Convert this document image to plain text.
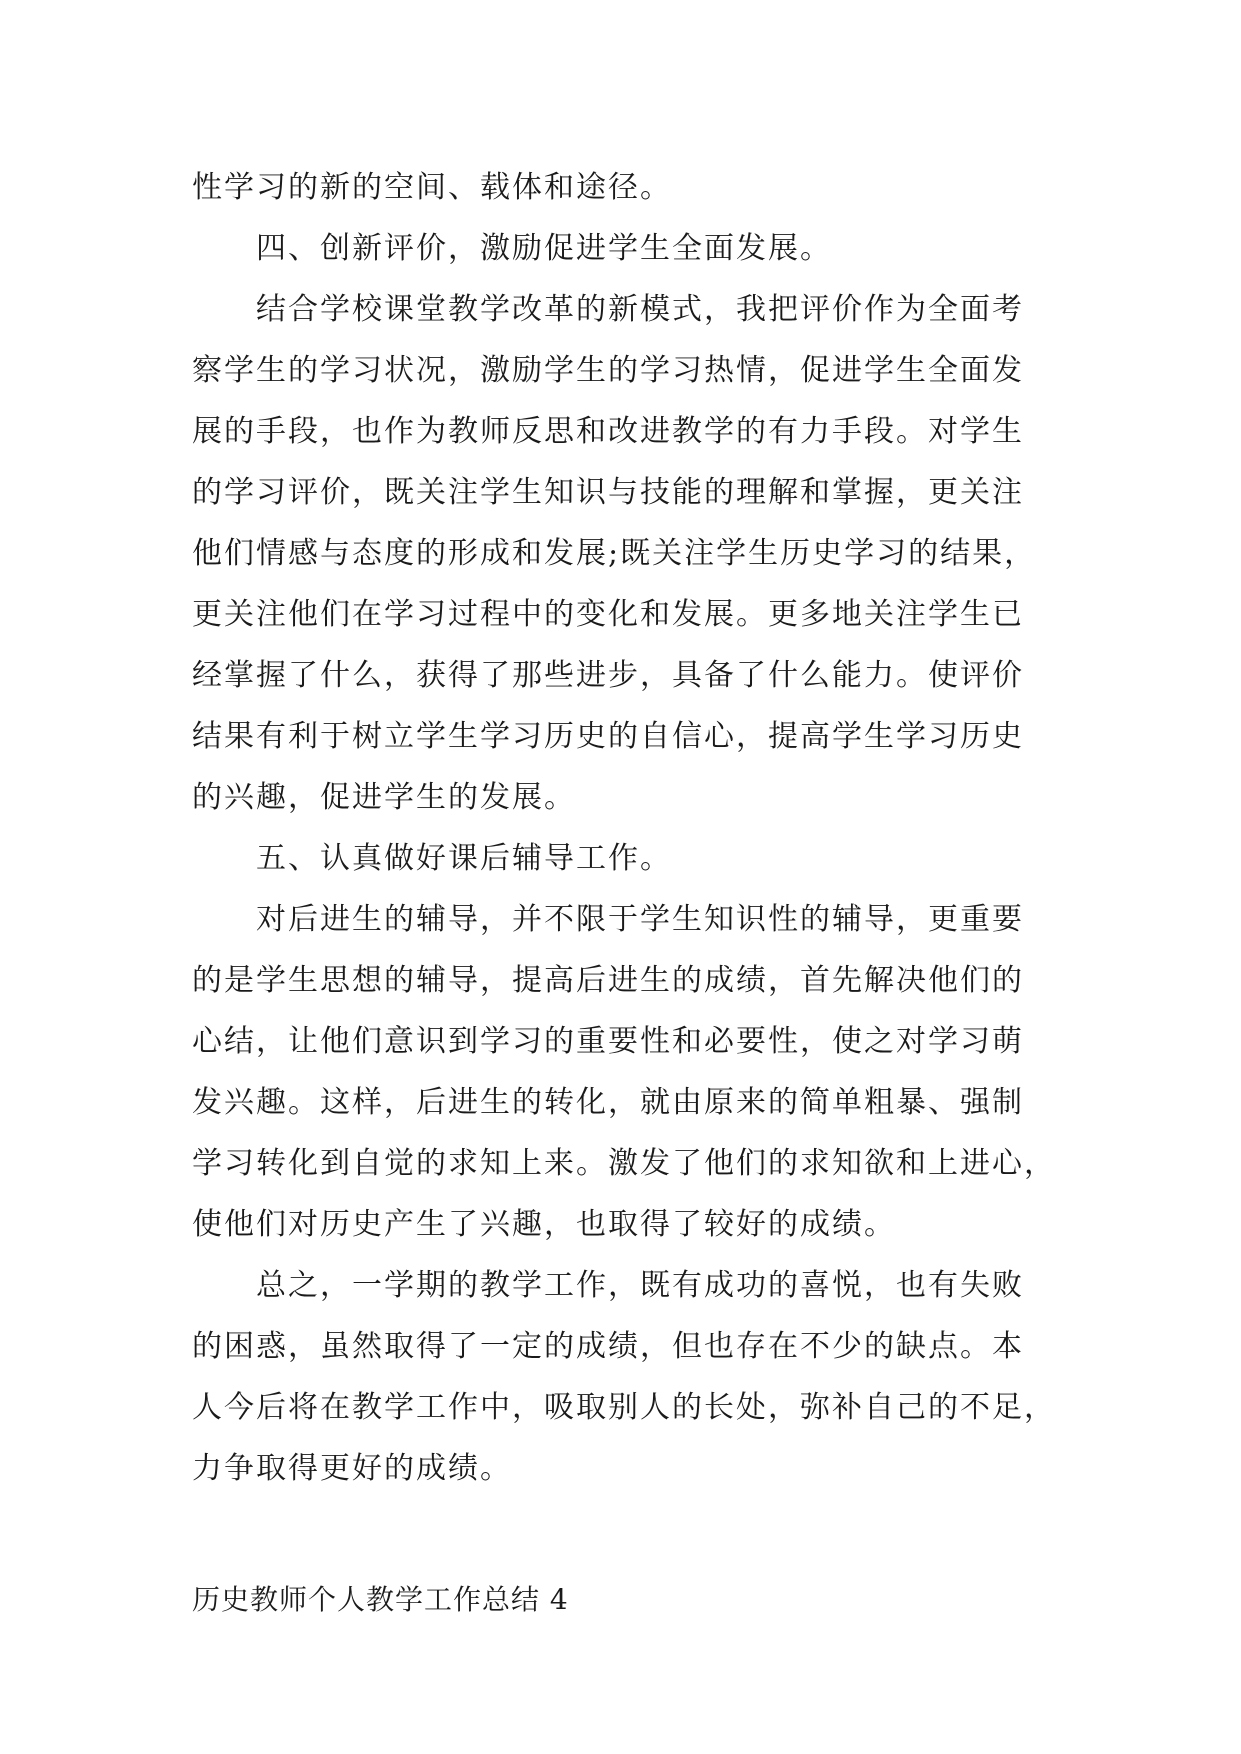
性学习的新的空间、载体和途径。
四、创新评价，激励促进学生全面发展。
结合学校课堂教学改革的新模式，我把评价作为全面考
察学生的学习状况，激励学生的学习热情，促进学生全面发
展的手段，也作为教师反思和改进教学的有力手段。对学生
的学习评价，既关注学生知识与技能的理解和掌握，更关注
他们情感与态度的形成和发展;既关注学生历史学习的结果，
更关注他们在学习过程中的变化和发展。更多地关注学生已
经掌握了什么，获得了那些进步，具备了什么能力。使评价
结果有利于树立学生学习历史的自信心，提高学生学习历史
的兴趣，促进学生的发展。
五、认真做好课后辅导工作。
对后进生的辅导，并不限于学生知识性的辅导，更重要
的是学生思想的辅导，提高后进生的成绩，首先解决他们的
心结，让他们意识到学习的重要性和必要性，使之对学习萌
发兴趣。这样，后进生的转化，就由原来的简单粗暴、强制
学习转化到自觉的求知上来。激发了他们的求知欲和上进心，
使他们对历史产生了兴趣，也取得了较好的成绩。
总之，一学期的教学工作，既有成功的喜悦，也有失败
的困惑，虽然取得了一定的成绩，但也存在不少的缺点。本
人今后将在教学工作中，吸取别人的长处，弥补自己的不足，
力争取得更好的成绩。
历史教师个人教学工作总结 4
